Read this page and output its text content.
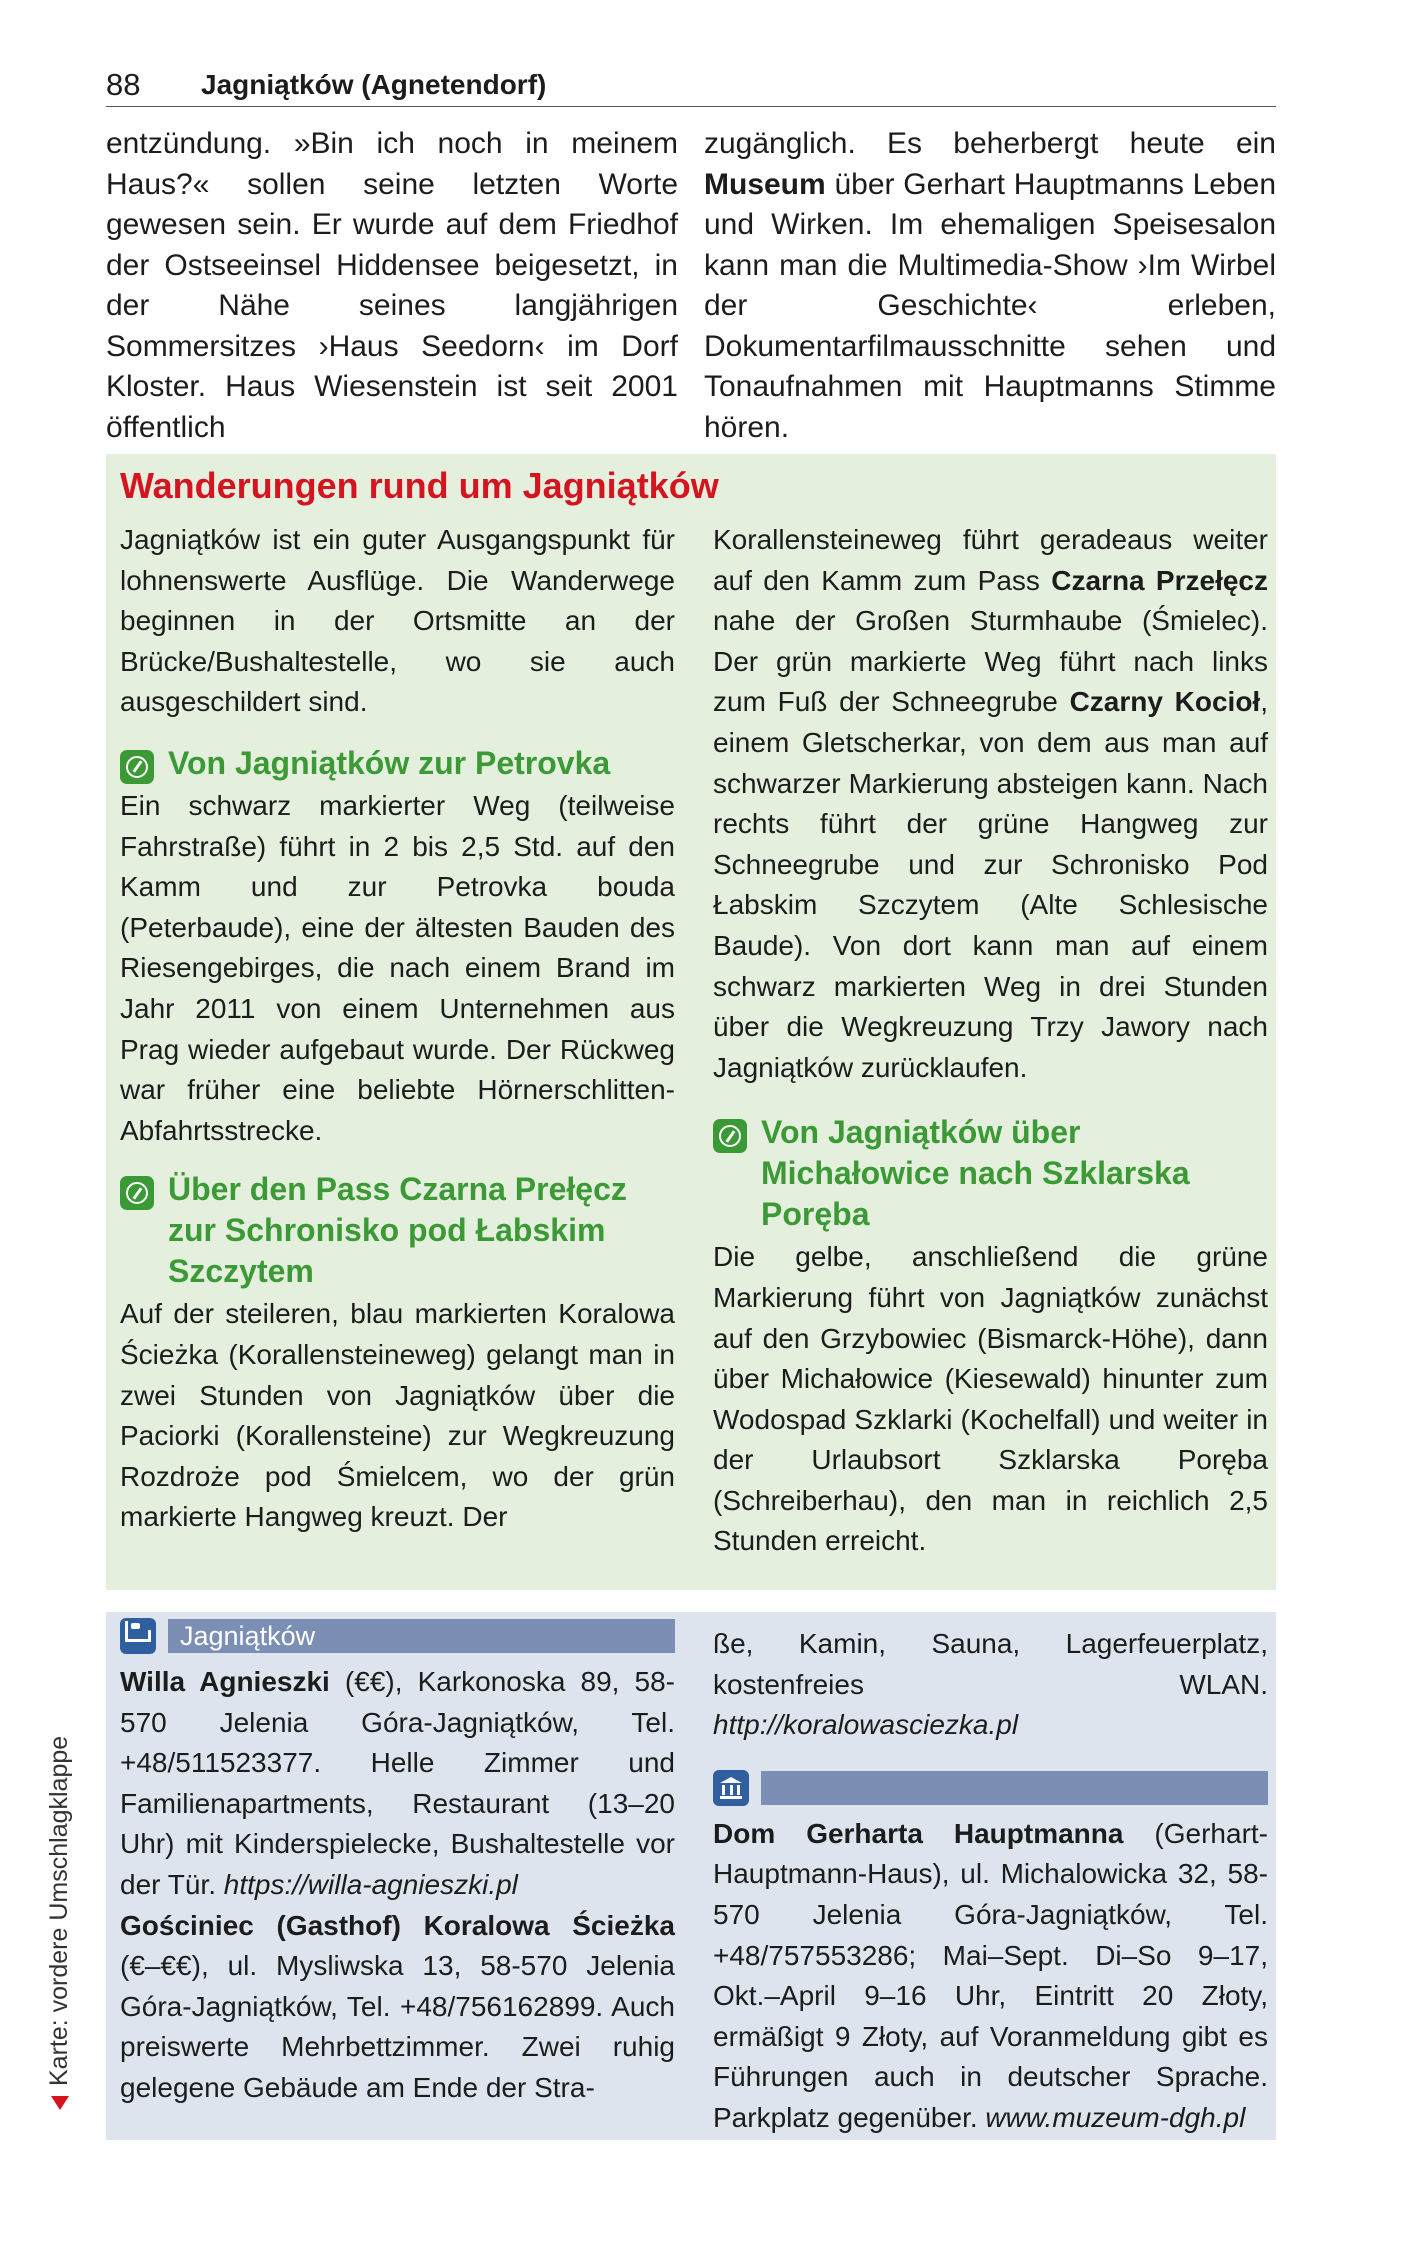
88 Jagniątków (Agnetendorf)

entzündung. »Bin ich noch in meinem Haus?« sollen seine letzten Worte gewesen sein. Er wurde auf dem Friedhof der Ostseeinsel Hiddensee beigesetzt, in der Nähe seines langjährigen Sommersitzes ›Haus Seedorn‹ im Dorf Kloster. Haus Wiesenstein ist seit 2001 öffentlich

zugänglich. Es beherbergt heute ein Museum über Gerhart Hauptmanns Leben und Wirken. Im ehemaligen Speisesalon kann man die Multimedia-Show ›Im Wirbel der Geschichte‹ erleben, Dokumentarfilmausschnitte sehen und Tonaufnahmen mit Hauptmanns Stimme hören.

Wanderungen rund um Jagniątków

Jagniątków ist ein guter Ausgangspunkt für lohnenswerte Ausflüge. Die Wanderwege beginnen in der Ortsmitte an der Brücke/Bushaltestelle, wo sie auch ausgeschildert sind.

Von Jagniątków zur Petrovka

Ein schwarz markierter Weg (teilweise Fahrstraße) führt in 2 bis 2,5 Std. auf den Kamm und zur Petrovka bouda (Peterbaude), eine der ältesten Bauden des Riesengebirges, die nach einem Brand im Jahr 2011 von einem Unternehmen aus Prag wieder aufgebaut wurde. Der Rückweg war früher eine beliebte Hörnerschlitten-Abfahrtsstrecke.

Über den Pass Czarna Prełęcz zur Schronisko pod Łabskim Szczytem

Auf der steileren, blau markierten Koralowa Ścieżka (Korallensteineweg) gelangt man in zwei Stunden von Jagniątków über die Paciorki (Korallensteine) zur Wegkreuzung Rozdroże pod Śmielcem, wo der grün markierte Hangweg kreuzt. Der

Korallensteineweg führt geradeaus weiter auf den Kamm zum Pass Czarna Przełęcz nahe der Großen Sturmhaube (Śmielec). Der grün markierte Weg führt nach links zum Fuß der Schneegrube Czarny Kocioł, einem Gletscherkar, von dem aus man auf schwarzer Markierung absteigen kann. Nach rechts führt der grüne Hangweg zur Schneegrube und zur Schronisko Pod Łabskim Szczytem (Alte Schlesische Baude). Von dort kann man auf einem schwarz markierten Weg in drei Stunden über die Wegkreuzung Trzy Jawory nach Jagniątków zurücklaufen.

Von Jagniątków über Michałowice nach Szklarska Poręba

Die gelbe, anschließend die grüne Markierung führt von Jagniątków zunächst auf den Grzybowiec (Bismarck-Höhe), dann über Michałowice (Kiesewald) hinunter zum Wodospad Szklarki (Kochelfall) und weiter in der Urlaubsort Szklarska Poręba (Schreiberhau), den man in reichlich 2,5 Stunden erreicht.

Jagniątków

Willa Agnieszki (€€), Karkonoska 89, 58-570 Jelenia Góra-Jagniątków, Tel. +48/511523377. Helle Zimmer und Familienapartments, Restaurant (13–20 Uhr) mit Kinderspielecke, Bushaltestelle vor der Tür. https://willa-agnieszki.pl

Gościniec (Gasthof) Koralowa Ścieżka (€–€€), ul. Mysliwska 13, 58-570 Jelenia Góra-Jagniątków, Tel. +48/756162899. Auch preiswerte Mehrbettzimmer. Zwei ruhig gelegene Gebäude am Ende der Stra-

ße, Kamin, Sauna, Lagerfeuerplatz, kostenfreies WLAN. http://koralowasciezka.pl

Dom Gerharta Hauptmanna (Gerhart-Hauptmann-Haus), ul. Michalowicka 32, 58-570 Jelenia Góra-Jagniątków, Tel. +48/757553286; Mai–Sept. Di–So 9–17, Okt.–April 9–16 Uhr, Eintritt 20 Złoty, ermäßigt 9 Złoty, auf Voranmeldung gibt es Führungen auch in deutscher Sprache. Parkplatz gegenüber. www.muzeum-dgh.pl

Karte: vordere Umschlagklappe
